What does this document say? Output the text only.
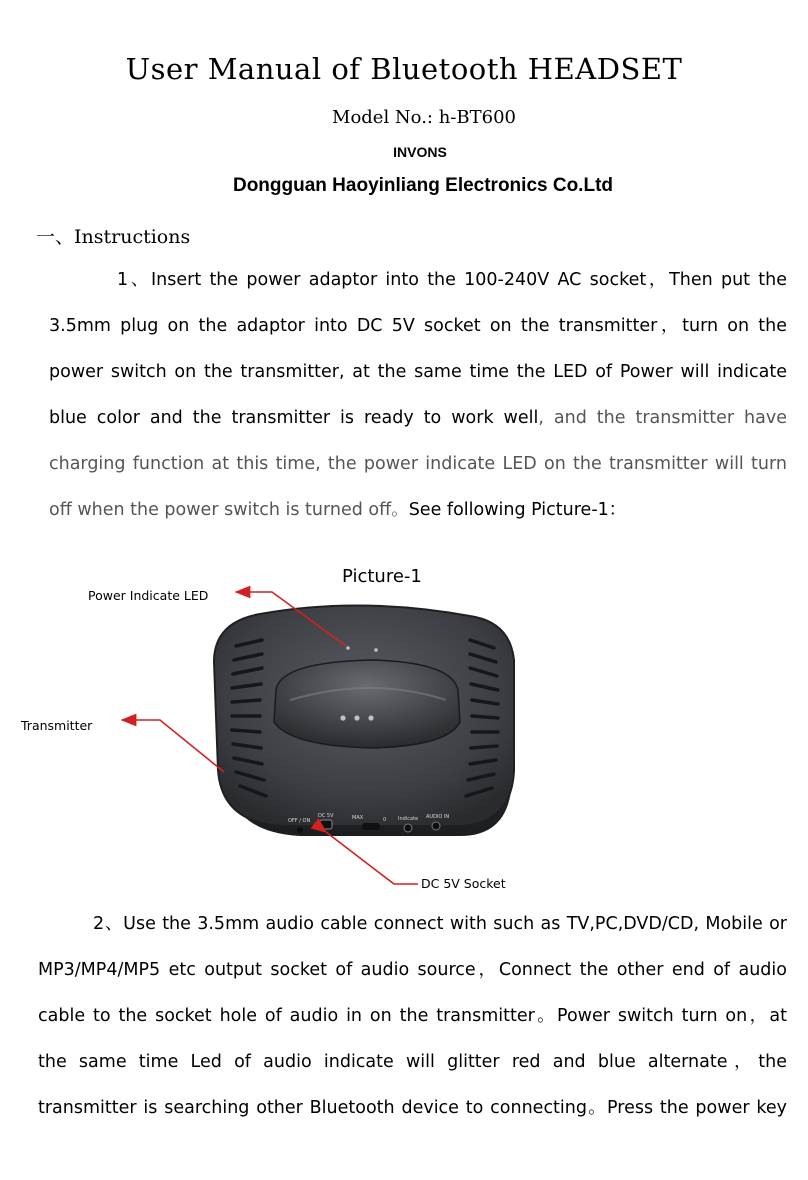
User Manual of Bluetooth HEADSET
Model No.: h-BT600
INVONS
Dongguan Haoyinliang Electronics Co.Ltd
一、Instructions
1、Insert the power adaptor into the 100-240V AC socket，Then put the
3.5mm plug on the adaptor into DC 5V socket on the transmitter，turn on the
power switch on the transmitter, at the same time the LED of Power will indicate
blue color and the transmitter is ready to work well, and the transmitter have
charging function at this time, the power indicate LED on the transmitter will turn
off when the power switch is turned off。See following Picture-1：
Picture-1
Power Indicate LED
Transmitter
DC 5V Socket
OFF / ON
DC 5V	MAX	0 Indicate AUDIO IN
2、Use the 3.5mm audio cable connect with such as TV,PC,DVD/CD, Mobile or
MP3/MP4/MP5 etc output socket of audio source，Connect the other end of audio
cable to the socket hole of audio in on the transmitter。Power switch turn on，at
the same time Led of audio indicate will glitter red and blue alternate，the
transmitter is searching other Bluetooth device to connecting。Press the power key
